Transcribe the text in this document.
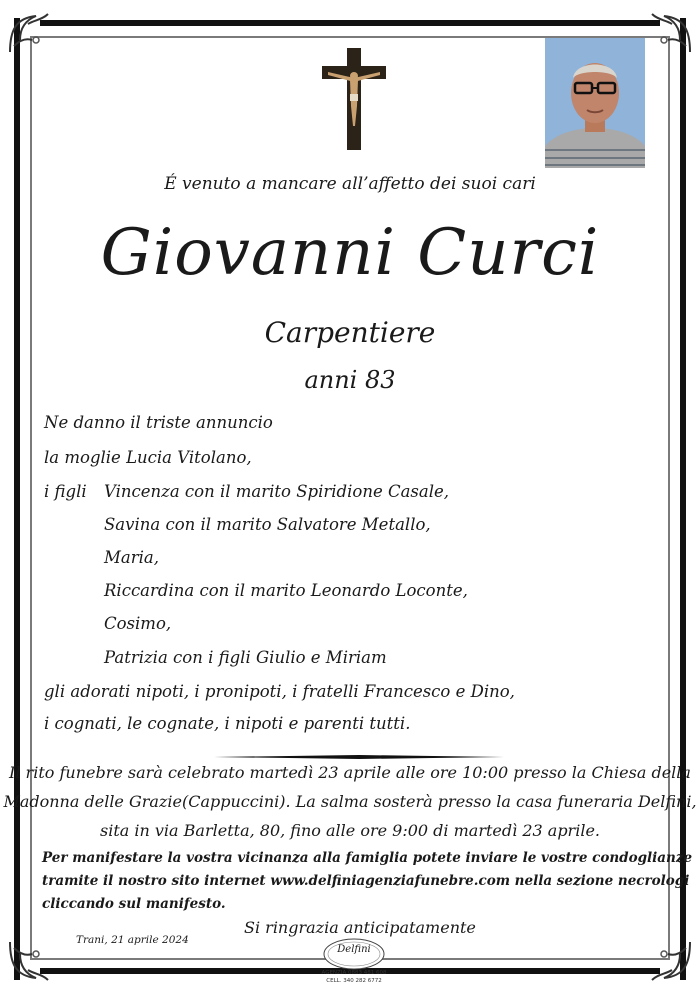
É venuto a mancare all’affetto dei suoi cari
Giovanni Curci
Carpentiere
anni 83
Ne danno il triste annuncio
la moglie Lucia Vitolano,
i figli Vincenza con il marito Spiridione Casale,
Savina con il marito Salvatore Metallo,
Maria,
Riccardina con il marito Leonardo Loconte,
Cosimo,
Patrizia con i figli Giulio e Miriam
gli adorati nipoti, i pronipoti, i fratelli Francesco e Dino,
i cognati, le cognate, i nipoti e parenti tutti.
Il rito funebre sarà celebrato martedì 23 aprile alle ore 10:00 presso la Chiesa della
Madonna delle Grazie(Cappuccini). La salma sosterà presso la casa funeraria Delfini,
sita in via Barletta, 80, fino alle ore 9:00 di martedì 23 aprile.
Per manifestare la vostra vicinanza alla famiglia potete inviare le vostre condoglianze
tramite il nostro sito internet www.delfiniagenziafunebre.com nella sezione necrologi
cliccando sul manifesto.
Si ringrazia anticipatamente
Trani, 21 aprile 2024
Delfini
AGENZIA 0883 481 608
CELL. 340 282 6772
